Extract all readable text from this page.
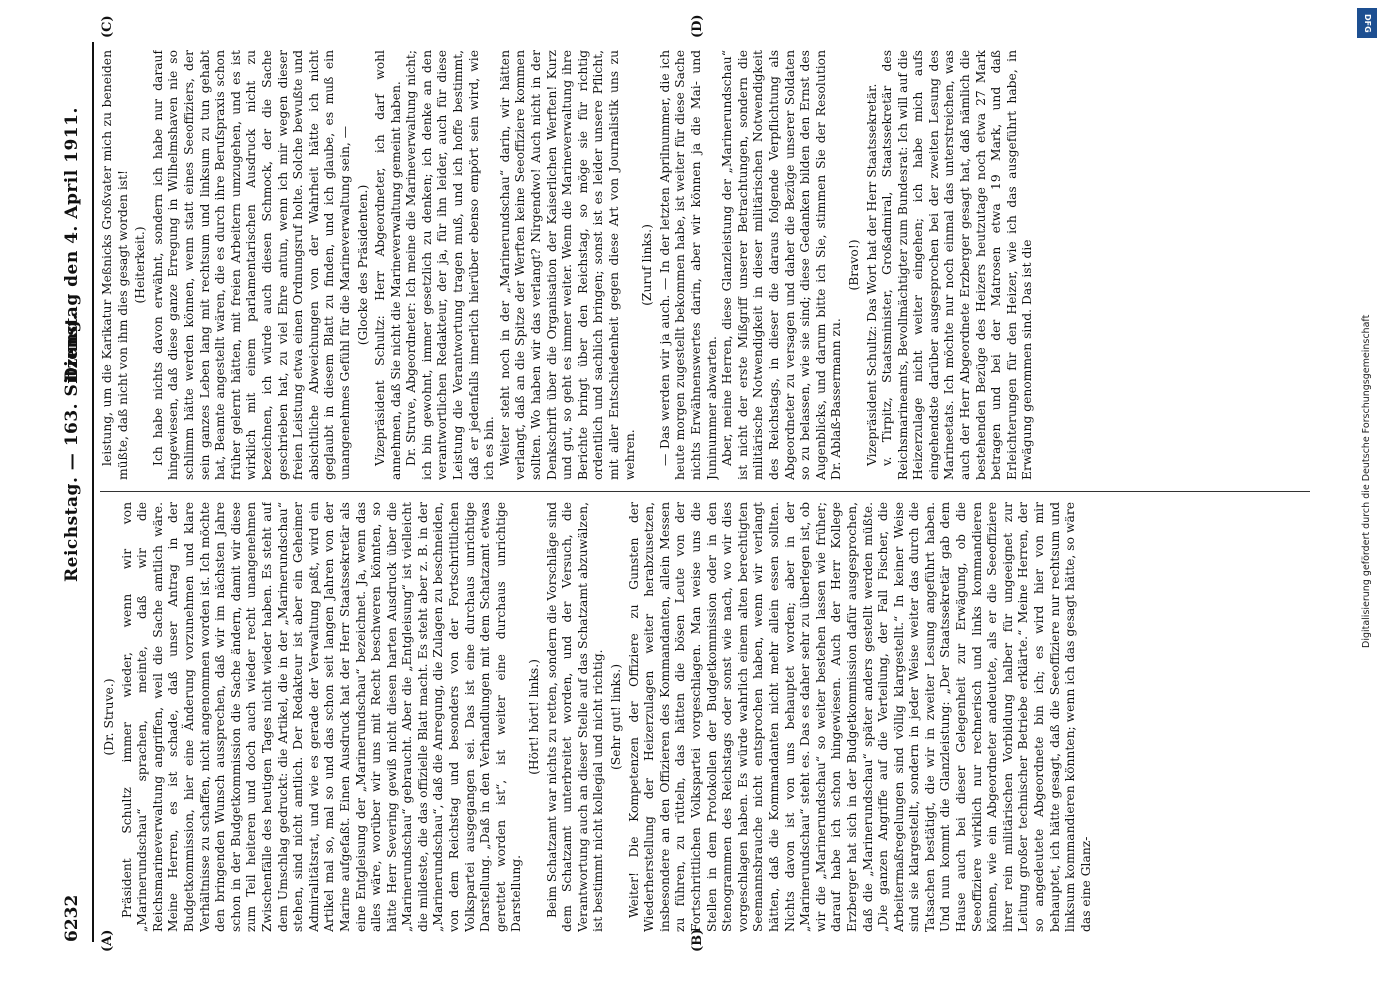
6232
Reichstag. — 163. Sitzung.
Dienstag den 4. April 1911.
(A)	(B)
(C)	(D)

(Dr. Struve.) Präsident Schultz immer wieder, wenn wir von „Marinerundschau“ sprachen, meinte, daß wir die Reichsmarineverwaltung angriffen, weil die Sache amtlich wäre. Meine Herren, es ist schade, daß unser Antrag in der Budgetkommission, hier eine Änderung vorzunehmen und klare Verhältnisse zu schaffen, nicht angenommen worden ist. Ich möchte den bringenden Wunsch aussprechen, daß wir im nächsten Jahre schon in der Budgetkommission die Sache ändern, damit wir diese zum Teil heiteren und doch auch wieder recht unangenehmen Zwischenfälle des heutigen Tages nicht wieder haben. Es steht auf dem Umschlag gedruckt: die Artikel, die in der „Marinerundschau“ stehen, sind nicht amtlich. Der Redakteur ist aber ein Geheimer Admiralitätsrat, und wie es gerade der Verwaltung paßt, wird ein Artikel mal so, mal so und das schon seit langen Jahren von der Marine aufgefaßt. Einen Ausdruck hat der Herr Staatssekretär als eine Entgleisung der „Marinerundschau“ bezeichnet. Ja, wenn das alles wäre, worüber wir uns mit Recht beschweren könnten, so hätte Herr Severing gewiß nicht diesen harten Ausdruck über die „Marinerundschau“ gebraucht. Aber die „Entgleisung“ ist vielleicht die mildeste, die das offizielle Blatt macht. Es steht aber z. B. in der „Marinerundschau“, daß die Anregung, die Zulagen zu beschneiden, von dem Reichstag und besonders von der Fortschrittlichen Volkspartei ausgegangen sei. Das ist eine durchaus unrichtige Darstellung. „Daß in den Verhandlungen mit dem Schatzamt etwas gerettet worden ist“, ist weiter eine durchaus unrichtige Darstellung.

(Hört! hört! links.) Beim Schatzamt war nichts zu retten, sondern die Vorschläge sind dem Schatzamt unterbreitet worden, und der Versuch, die Verantwortung auch an dieser Stelle auf das Schatzamt abzuwälzen, ist bestimmt nicht kollegial und nicht richtig. (Sehr gut! links.) Weiter! Die Kompetenzen der Offiziere zu Gunsten der Wiederherstellung der Heizerzulagen weiter herabzusetzen, insbesondere an den Offizieren des Kommandanten, allein Messen zu führen, zu rütteln, das hätten die bösen Leute von der Fortschrittlichen Volkspartei vorgeschlagen. Man weise uns die Stellen in dem Protokollen der Budgetkommission oder in den Stenogrammen des Reichstags oder sonst wie nach, wo wir dies vorgeschlagen haben. Es würde wahrlich einem alten berechtigten Seemannsbrauche nicht entsprochen haben, wenn wir verlangt hätten, daß die Kommandanten nicht mehr allein essen sollten. Nichts davon ist von uns behauptet worden; aber in der „Marinerundschau“ steht es. Das es daher sehr zu überlegen ist, ob wir die „Marinerundschau“ so weiter bestehen lassen wie früher; darauf habe ich schon hingewiesen. Auch der Herr Kollege Erzberger hat sich in der Budgetkommission dafür ausgesprochen, daß die „Marinerundschau“ später anders gestellt werden müßte. „Die ganzen Angriffe auf die Verteilung, der Fall Fischer, die Arbeitermaßregelungen sind völlig klargestellt.“ In keiner Weise sind sie klargestellt, sondern in jeder Weise weiter das durch die Tatsachen bestätigt, die wir in zweiter Lesung angeführt haben. Und nun kommt die Glanzleistung: „Der Staatssekretär gab dem Hause auch bei dieser Gelegenheit zur Erwägung, ob die Seeoffiziere wirklich nur rechnerisch und links kommandieren können, wie ein Abgeordneter andeutete, als er die Seeoffiziere ihrer rein militärischen Vorbildung halber für ungeeignet zur Leitung großer technischer Betriebe erklärte.“ Meine Herren, der so angedeutete Abgeordnete bin ich; es wird hier von mir behauptet, ich hätte gesagt, daß die Seeoffiziere nur rechtsum und linksum kommandieren könnten; wenn ich das gesagt hätte, so wäre das eine Glanz-

leistung, um die Karikatur Meßnicks Großvater mich zu beneiden müßte, daß nicht von ihm dies gesagt worden ist! (Heiterkeit.) Ich habe nichts davon erwähnt, sondern ich habe nur darauf hingewiesen, daß diese ganze Erregung in Wilhelmshaven nie so schlimm hätte werden können, wenn statt eines Seeoffiziers, der sein ganzes Leben lang mit rechtsum und linksum zu tun gehabt hat, Beamte angestellt wären, die es durch ihre Berufspraxis schon früher gelernt hätten, mit freien Arbeitern umzugehen, und es ist wirklich mit einem parlamentarischen Ausdruck nicht zu bezeichnen, ich würde auch diesen Schmock, der die Sache geschrieben hat, zu viel Ehre antun, wenn ich mir wegen dieser freien Leistung etwa einen Ordnungsruf holte. Solche bewußte und absichtliche Abweichungen von der Wahrheit hätte ich nicht geglaubt in diesem Blatt zu finden, und ich glaube, es muß ein unangenehmes Gefühl für die Marineverwaltung sein, — (Glocke des Präsidenten.) Vizepräsident Schultz: Herr Abgeordneter, ich darf wohl annehmen, daß Sie nicht die Marineverwaltung gemeint haben. Dr. Struve, Abgeordneter: Ich meine die Marineverwaltung nicht; ich bin gewohnt, immer gesetzlich zu denken; ich denke an den verantwortlichen Redakteur, der ja, für ihn leider, auch für diese Leistung die Verantwortung tragen muß, und ich hoffe bestimmt, daß er jedenfalls innerlich hierüber ebenso empört sein wird, wie ich es bin. Weiter steht noch in der „Marinerundschau“ darin, wir hätten verlangt, daß an die Spitze der Werften keine Seeoffiziere kommen sollten. Wo haben wir das verlangt? Nirgendwo! Auch nicht in der Denkschrift über die Organisation der Kaiserlichen Werften! Kurz und gut, so geht es immer weiter. Wenn die Marineverwaltung ihre Berichte bringt über den Reichstag, so möge sie für richtig ordentlich und sachlich bringen; sonst ist es leider unsere Pflicht, mit aller Entschiedenheit gegen diese Art von Journalistik uns zu wehren.

(Zuruf links.) — Das werden wir ja auch. — In der letzten Aprilnummer, die ich heute morgen zugestellt bekommen habe, ist weiter für diese Sache nichts Erwähnenswertes darin, aber wir können ja die Mai- und Juninummer abwarten. Aber, meine Herren, diese Glanzleistung der „Marinerundschau“ ist nicht der erste Mißgriff unserer Betrachtungen, sondern die militärische Notwendigkeit in dieser militärischen Notwendigkeit des Reichstags, in dieser die daraus folgende Verpflichtung als Abgeordneter zu versagen und daher die Bezüge unserer Soldaten so zu belassen, wie sie sind; diese Gedanken bilden den Ernst des Augenblicks, und darum bitte ich Sie, stimmen Sie der Resolution Dr. Ablaß-Bassermann zu.

(Bravo!) Vizepräsident Schultz: Das Wort hat der Herr Staatssekretär. v. Tirpitz, Staatsminister, Großadmiral, Staatssekretär des Reichsmarineamts, Bevollmächtigter zum Bundesrat: Ich will auf die Heizerzulage nicht weiter eingehen; ich habe mich aufs eingehendste darüber ausgesprochen bei der zweiten Lesung des Marineetats. Ich möchte nur noch einmal das unterstreichen, was auch der Herr Abgeordnete Erzberger gesagt hat, daß nämlich die bestehenden Bezüge des Heizers heutzutage noch etwa 27 Mark betragen und bei der Matrosen etwa 19 Mark, und daß Erleichterungen für den Heizer, wie ich das ausgeführt habe, in Erwägung genommen sind. Das ist die

DFG
Digitalisierung gefördert durch die Deutsche Forschungsgemeinschaft
